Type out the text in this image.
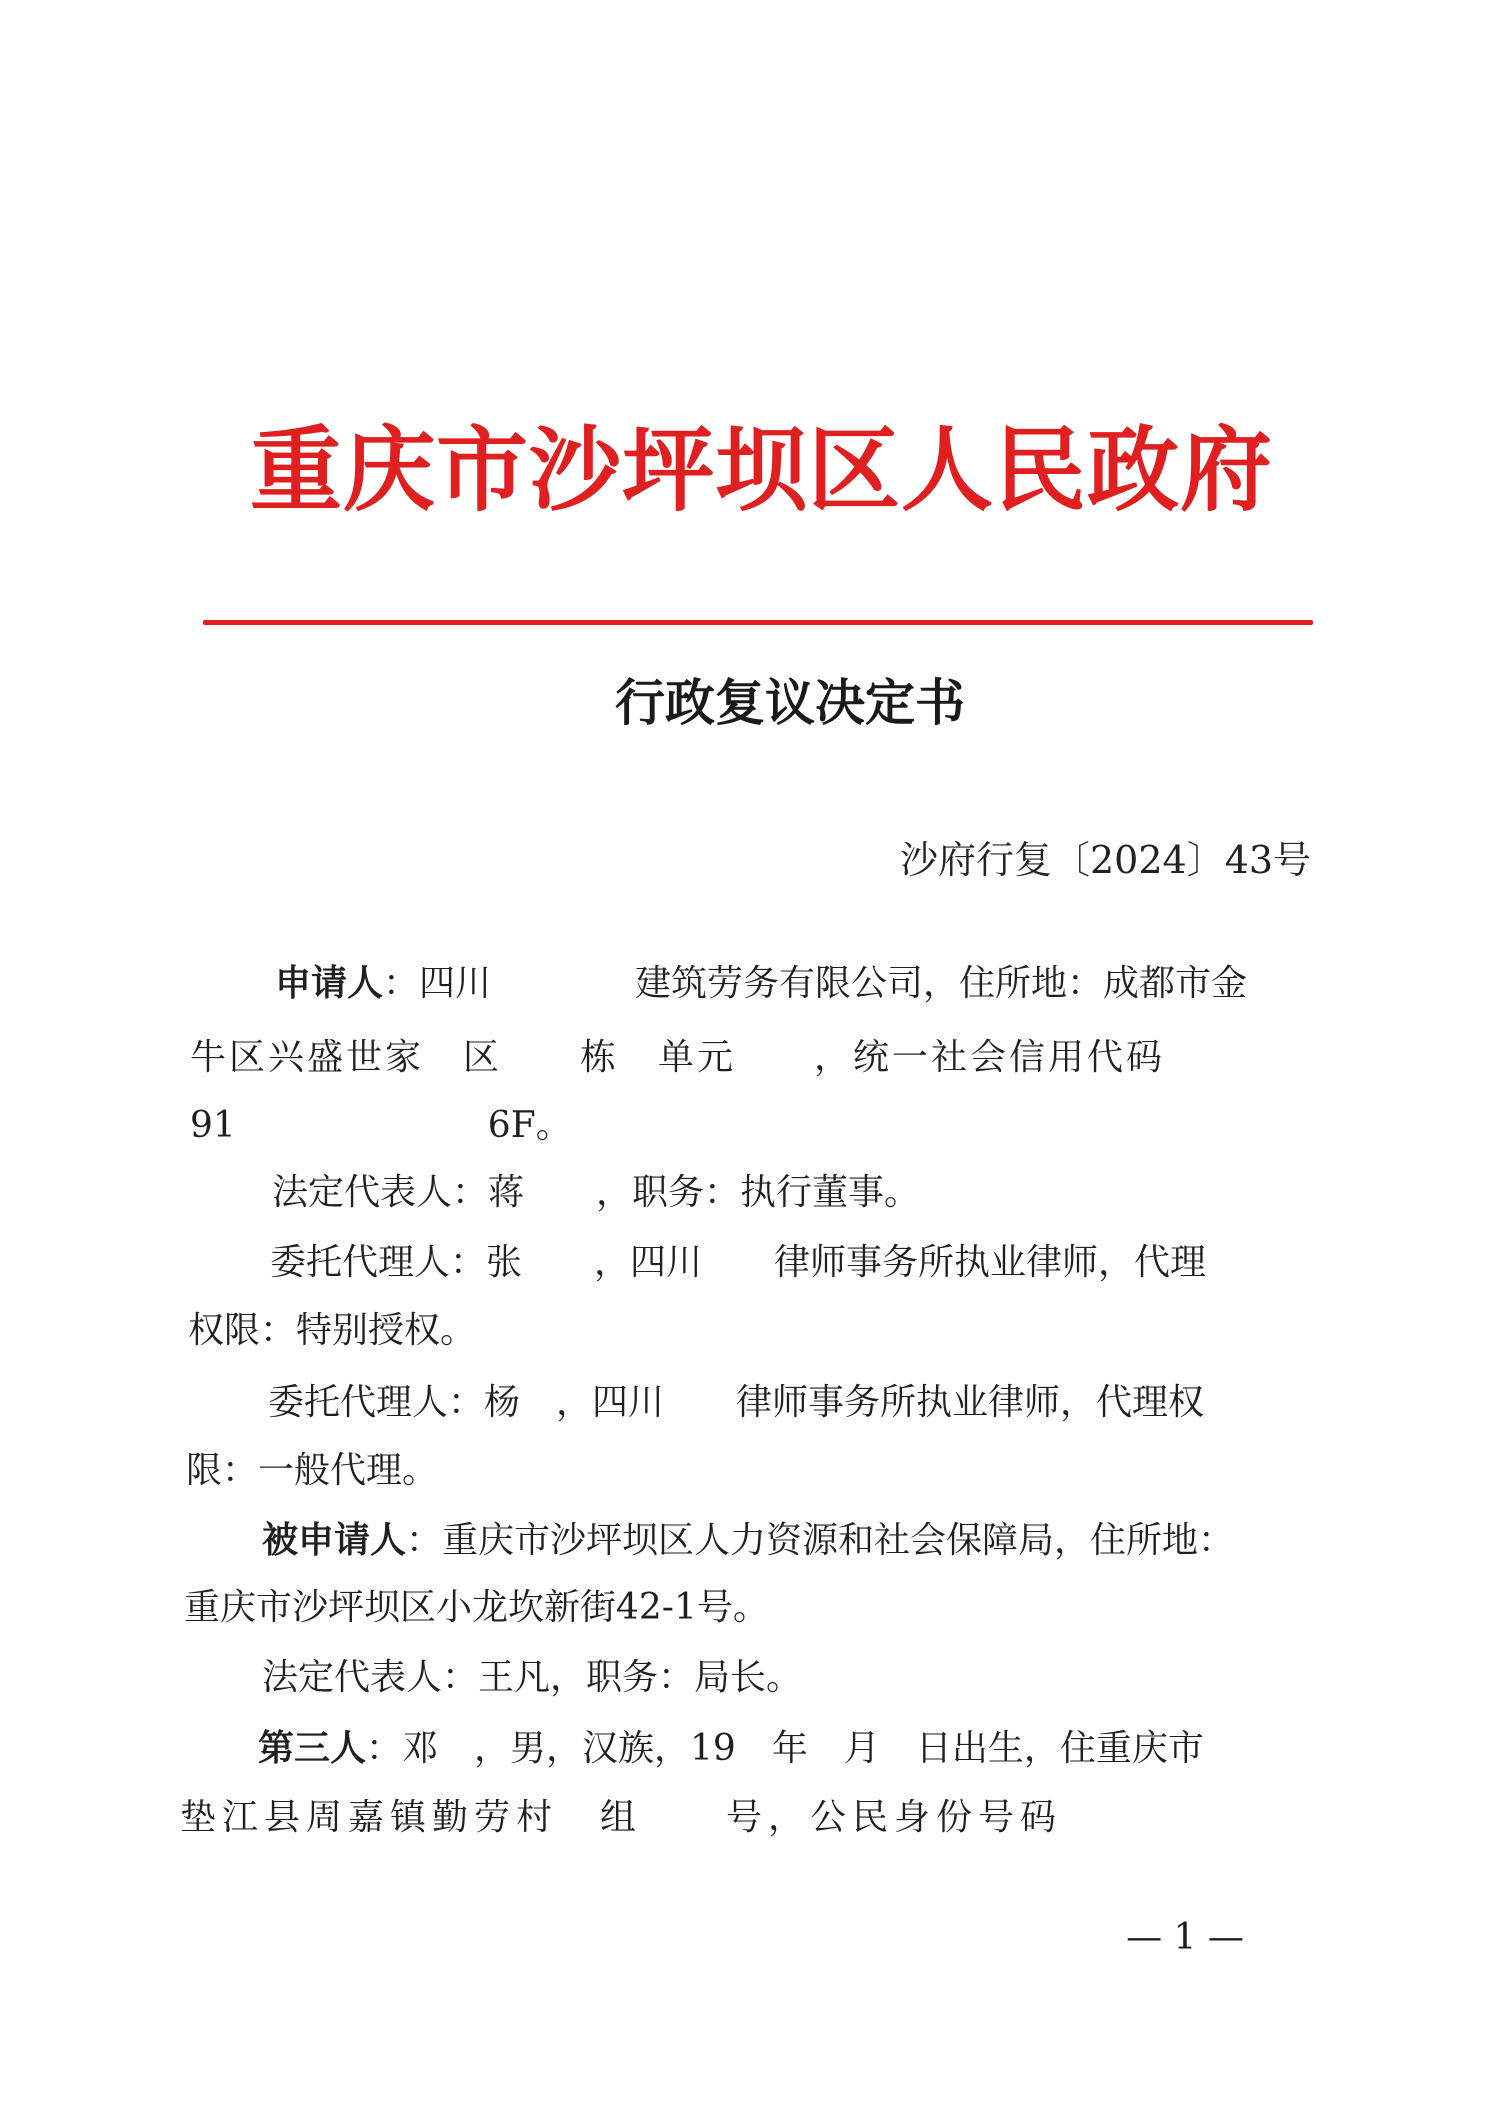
重庆市沙坪坝区人民政府
行政复议决定书
沙府行复〔2024〕43号
申请人：四川　　　　建筑劳务有限公司，住所地：成都市金
牛区兴盛世家　区　　栋　单元　　，统一社会信用代码
91　　　　　　　6F。
法定代表人：蒋　　，职务：执行董事。
委托代理人：张　　，四川　　律师事务所执业律师，代理
权限：特别授权。
委托代理人：杨　，四川　　律师事务所执业律师，代理权
限：一般代理。
被申请人：重庆市沙坪坝区人力资源和社会保障局，住所地：
重庆市沙坪坝区小龙坎新街42-1号。
法定代表人：王凡，职务：局长。
第三人：邓　，男，汉族，19　年　月　日出生，住重庆市
垫江县周嘉镇勤劳村　组　　号，公民身份号码
— 1 —
